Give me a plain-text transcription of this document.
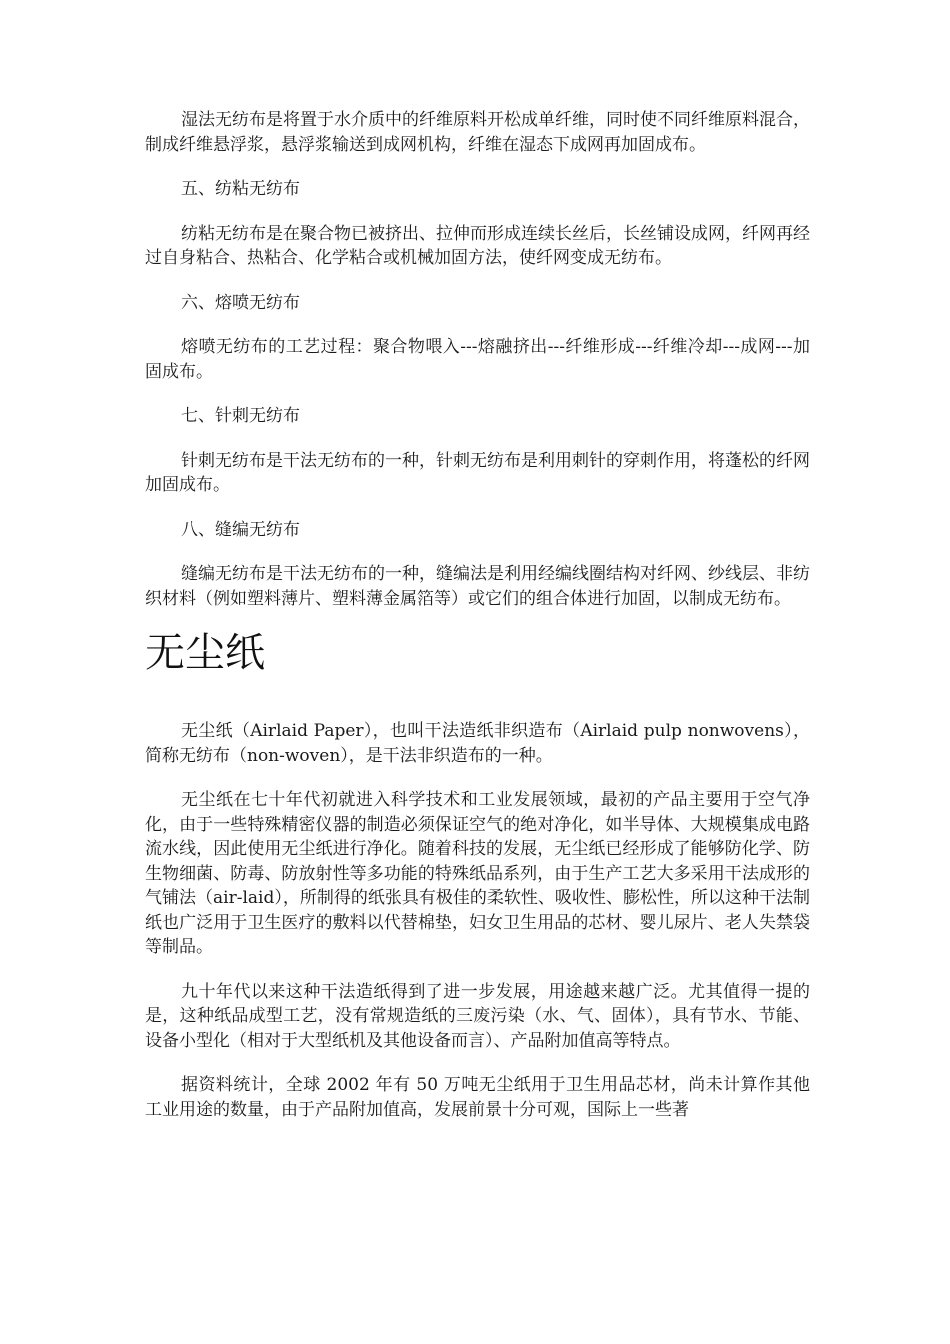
湿法无纺布是将置于水介质中的纤维原料开松成单纤维，同时使不同纤维原料混合，制成纤维悬浮浆，悬浮浆输送到成网机构，纤维在湿态下成网再加固成布。

五、纺粘无纺布

纺粘无纺布是在聚合物已被挤出、拉伸而形成连续长丝后，长丝铺设成网，纤网再经过自身粘合、热粘合、化学粘合或机械加固方法，使纤网变成无纺布。

六、熔喷无纺布

熔喷无纺布的工艺过程：聚合物喂入---熔融挤出---纤维形成---纤维冷却---成网---加固成布。

七、针刺无纺布

针刺无纺布是干法无纺布的一种，针刺无纺布是利用刺针的穿刺作用，将蓬松的纤网加固成布。

八、缝编无纺布

缝编无纺布是干法无纺布的一种，缝编法是利用经编线圈结构对纤网、纱线层、非纺织材料（例如塑料薄片、塑料薄金属箔等）或它们的组合体进行加固，以制成无纺布。

无尘纸

无尘纸（Airlaid Paper），也叫干法造纸非织造布（Airlaid pulp nonwovens），简称无纺布（non-woven），是干法非织造布的一种。

无尘纸在七十年代初就进入科学技术和工业发展领域，最初的产品主要用于空气净化，由于一些特殊精密仪器的制造必须保证空气的绝对净化，如半导体、大规模集成电路流水线，因此使用无尘纸进行净化。随着科技的发展，无尘纸已经形成了能够防化学、防生物细菌、防毒、防放射性等多功能的特殊纸品系列，由于生产工艺大多采用干法成形的气铺法（air-laid），所制得的纸张具有极佳的柔软性、吸收性、膨松性，所以这种干法制纸也广泛用于卫生医疗的敷料以代替棉垫，妇女卫生用品的芯材、婴儿尿片、老人失禁袋等制品。

九十年代以来这种干法造纸得到了进一步发展，用途越来越广泛。尤其值得一提的是，这种纸品成型工艺，没有常规造纸的三废污染（水、气、固体），具有节水、节能、设备小型化（相对于大型纸机及其他设备而言）、产品附加值高等特点。

据资料统计，全球 2002 年有 50 万吨无尘纸用于卫生用品芯材，尚未计算作其他工业用途的数量，由于产品附加值高，发展前景十分可观，国际上一些著
